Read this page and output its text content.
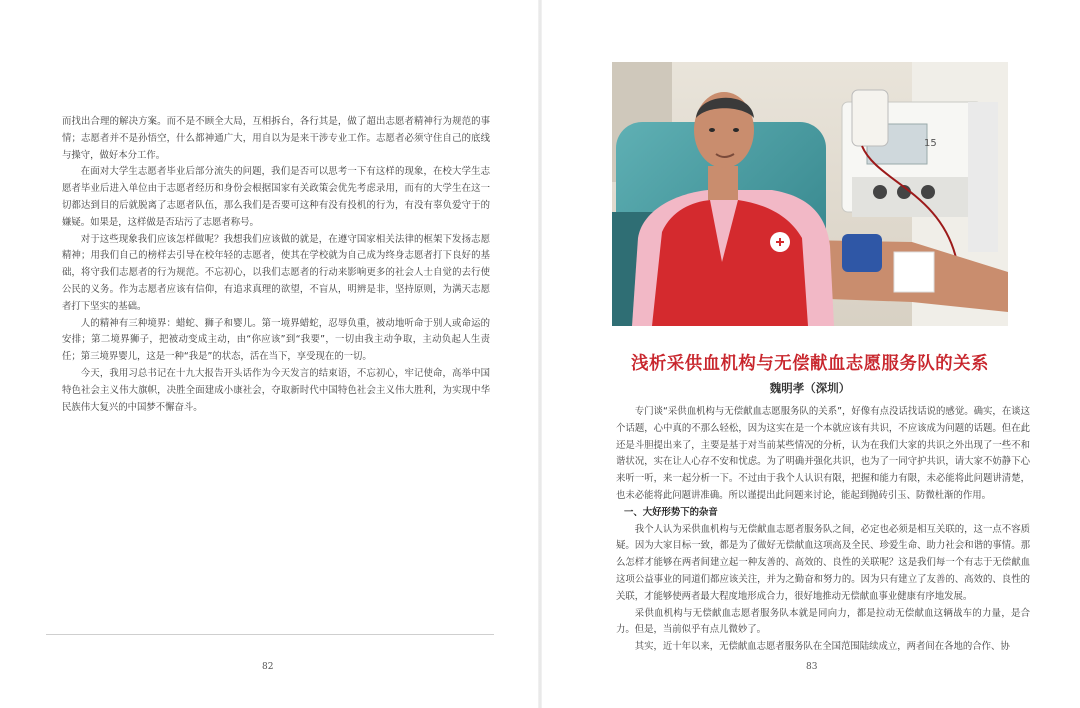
而找出合理的解决方案。而不是不顾全大局，互相拆台，各行其是，做了超出志愿者精神行为规范的事情；志愿者并不是孙悟空，什么都神通广大，用自以为是来干涉专业工作。志愿者必须守住自己的底线与操守，做好本分工作。

在面对大学生志愿者毕业后部分流失的问题，我们是否可以思考一下有这样的现象，在校大学生志愿者毕业后进入单位由于志愿者经历和身份会根据国家有关政策会优先考虑录用，而有的大学生在这一切都达到目的后就脱离了志愿者队伍，那么我们是否要可这种有没有投机的行为，有没有辜负爱守于的嫌疑。如果是，这样做是否玷污了志愿者称号。

对于这些现象我们应该怎样做呢？我想我们应该做的就是，在遵守国家相关法律的框架下发扬志愿精神；用我们自己的榜样去引导在校年轻的志愿者，使其在学校就为自己成为终身志愿者打下良好的基础，将守我们志愿者的行为规范。不忘初心，以我们志愿者的行动来影响更多的社会人士自觉的去行使公民的义务。作为志愿者应该有信仰，有追求真理的欲望，不盲从，明辨是非，坚持原则，为满天志愿者打下坚实的基础。

人的精神有三种境界：蜡蛇、狮子和婴儿。第一境界蜡蛇，忍辱负重，被动地听命于别人或命运的安排；第二境界狮子，把被动变成主动，由“你应该”到“我要”，一切由我主动争取，主动负起人生责任；第三境界婴儿，这是一种“我是”的状态，活在当下，享受现在的一切。

今天，我用习总书记在十九大报告开头话作为今天发言的结束语，不忘初心，牢记使命，高举中国特色社会主义伟大旗帜，决胜全面建成小康社会，夺取新时代中国特色社会主义伟大胜利，为实现中华民族伟大复兴的中国梦不懈奋斗。

82
15
浅析采供血机构与无偿献血志愿服务队的关系
魏明孝（深圳）

专门谈“采供血机构与无偿献血志愿服务队的关系”，好像有点没话找话说的感觉。确实，在谈这个话题，心中真的不那么轻松，因为这实在是一个本就应该有共识，不应该成为问题的话题。但在此还是斗胆提出来了，主要是基于对当前某些情况的分析，认为在我们大家的共识之外出现了一些不和谐状况，实在让人心存不安和忧虑。为了明确并强化共识，也为了一同守护共识，请大家不妨静下心来听一听，来一起分析一下。不过由于我个人认识有限，把握和能力有限，未必能将此问题讲清楚，也未必能将此问题讲准确。所以谨提出此问题来讨论，能起到抛砖引玉、防微杜渐的作用。

一、大好形势下的杂音

我个人认为采供血机构与无偿献血志愿者服务队之间，必定也必须是相互关联的，这一点不容质疑。因为大家目标一致，都是为了做好无偿献血这项高及全民、珍爱生命、助力社会和谐的事情。那么怎样才能够在两者间建立起一种友善的、高效的、良性的关联呢？这是我们每一个有志于无偿献血这项公益事业的同道们都应该关注，并为之勤奋和努力的。因为只有建立了友善的、高效的、良性的关联，才能够使两者最大程度地形成合力，很好地推动无偿献血事业健康有序地发展。

采供血机构与无偿献血志愿者服务队本就是同向力，都是拉动无偿献血这辆战车的力量，是合力。但是，当前似乎有点儿微妙了。

其实，近十年以来，无偿献血志愿者服务队在全国范围陆续成立，两者间在各地的合作、协

83
